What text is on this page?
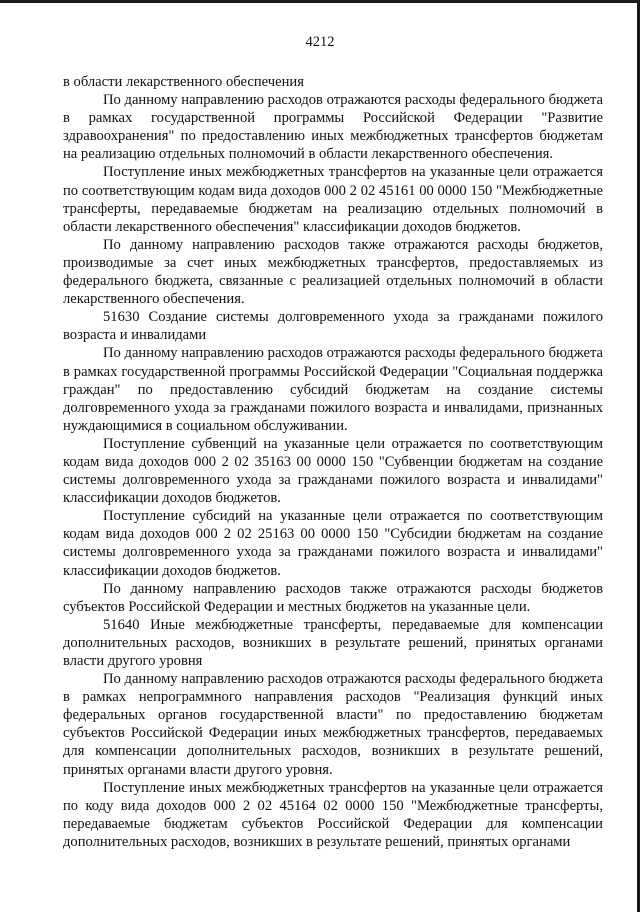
4212

в области лекарственного обеспечения

По данному направлению расходов отражаются расходы федерального бюджета в рамках государственной программы Российской Федерации "Развитие здравоохранения" по предоставлению иных межбюджетных трансфертов бюджетам на реализацию отдельных полномочий в области лекарственного обеспечения.

Поступление иных межбюджетных трансфертов на указанные цели отражается по соответствующим кодам вида доходов 000 2 02 45161 00 0000 150 "Межбюджетные трансферты, передаваемые бюджетам на реализацию отдельных полномочий в области лекарственного обеспечения" классификации доходов бюджетов.

По данному направлению расходов также отражаются расходы бюджетов, производимые за счет иных межбюджетных трансфертов, предоставляемых из федерального бюджета, связанные с реализацией отдельных полномочий в области лекарственного обеспечения.

51630 Создание системы долговременного ухода за гражданами пожилого возраста и инвалидами

По данному направлению расходов отражаются расходы федерального бюджета в рамках государственной программы Российской Федерации "Социальная поддержка граждан" по предоставлению субсидий бюджетам на создание системы долговременного ухода за гражданами пожилого возраста и инвалидами, признанных нуждающимися в социальном обслуживании.

Поступление субвенций на указанные цели отражается по соответствующим кодам вида доходов 000 2 02 35163 00 0000 150 "Субвенции бюджетам на создание системы долговременного ухода за гражданами пожилого возраста и инвалидами" классификации доходов бюджетов.

Поступление субсидий на указанные цели отражается по соответствующим кодам вида доходов 000 2 02 25163 00 0000 150 "Субсидии бюджетам на создание системы долговременного ухода за гражданами пожилого возраста и инвалидами" классификации доходов бюджетов.

По данному направлению расходов также отражаются расходы бюджетов субъектов Российской Федерации и местных бюджетов на указанные цели.

51640 Иные межбюджетные трансферты, передаваемые для компенсации дополнительных расходов, возникших в результате решений, принятых органами власти другого уровня

По данному направлению расходов отражаются расходы федерального бюджета в рамках непрограммного направления расходов "Реализация функций иных федеральных органов государственной власти" по предоставлению бюджетам субъектов Российской Федерации иных межбюджетных трансфертов, передаваемых для компенсации дополнительных расходов, возникших в результате решений, принятых органами власти другого уровня.

Поступление иных межбюджетных трансфертов на указанные цели отражается по коду вида доходов 000 2 02 45164 02 0000 150 "Межбюджетные трансферты, передаваемые бюджетам субъектов Российской Федерации для компенсации дополнительных расходов, возникших в результате решений, принятых органами
